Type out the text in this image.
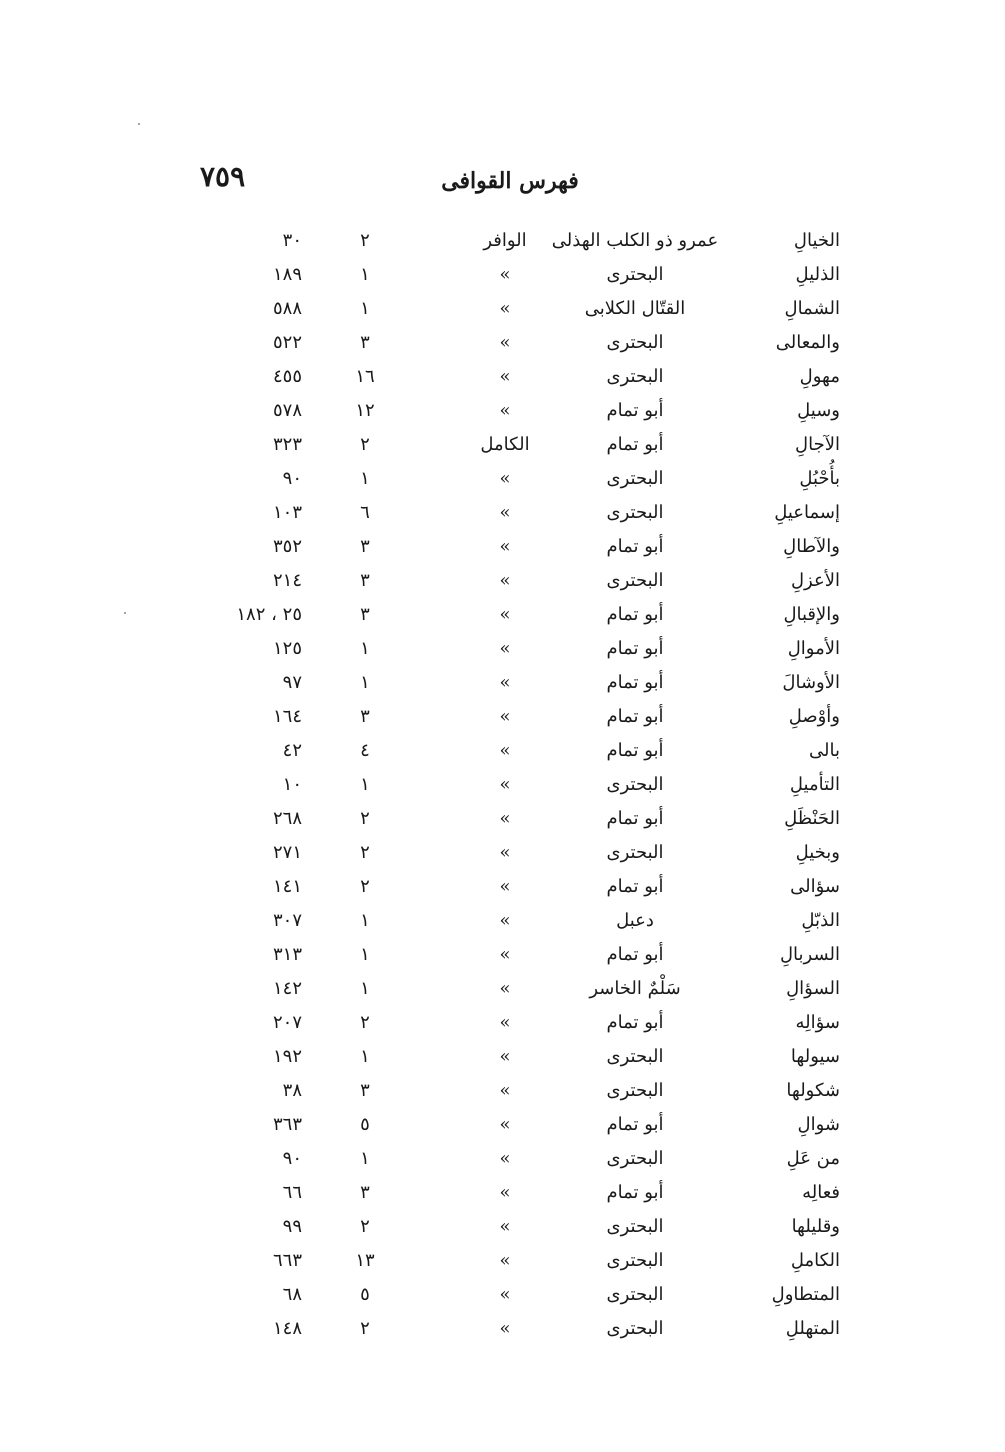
٧٥٩	فهرس القوافى
الخيالِ
عمرو ذو الكلب الهذلى
الوافر
٢
٣٠
الذليلِ
البحترى
»
١
١٨٩
الشمالِ
القتّال الكلابى
»
١
٥٨٨
والمعالى
البحترى
»
٣
٥٢٢
مهولِ
البحترى
»
١٦
٤٥٥
وسيلِ
أبو تمام
»
١٢
٥٧٨
الآجالِ
أبو تمام
الكامل
٢
٣٢٣
بأُحْبُلِ
البحترى
»
١
٩٠
إسماعيلِ
البحترى
»
٦
١٠٣
والآطالِ
أبو تمام
»
٣
٣٥٢
الأعزلِ
البحترى
»
٣
٢١٤
والإقبالِ
أبو تمام
»
٣
٢٥ ، ١٨٢
الأموالِ
أبو تمام
»
١
١٢٥
الأوشالَ
أبو تمام
»
١
٩٧
وأوْصلِ
أبو تمام
»
٣
١٦٤
بالى
أبو تمام
»
٤
٤٢
التأميلِ
البحترى
»
١
١٠
الحَنْظَلِ
أبو تمام
»
٢
٢٦٨
وبخيلِ
البحترى
»
٢
٢٧١
سؤالى
أبو تمام
»
٢
١٤١
الذبّلِ
دعبل
»
١
٣٠٧
السربالِ
أبو تمام
»
١
٣١٣
السؤالِ
سَلْمٌ الخاسر
»
١
١٤٢
سؤالِه
أبو تمام
»
٢
٢٠٧
سيولها
البحترى
»
١
١٩٢
شكولها
البحترى
»
٣
٣٨
شوالِ
أبو تمام
»
٥
٣٦٣
من عَلِ
البحترى
»
١
٩٠
فعالِه
أبو تمام
»
٣
٦٦
وقليلها
البحترى
»
٢
٩٩
الكاملِ
البحترى
»
١٣
٦٦٣
المتطاولِ
البحترى
»
٥
٦٨
المتهللِ
البحترى
»
٢
١٤٨
